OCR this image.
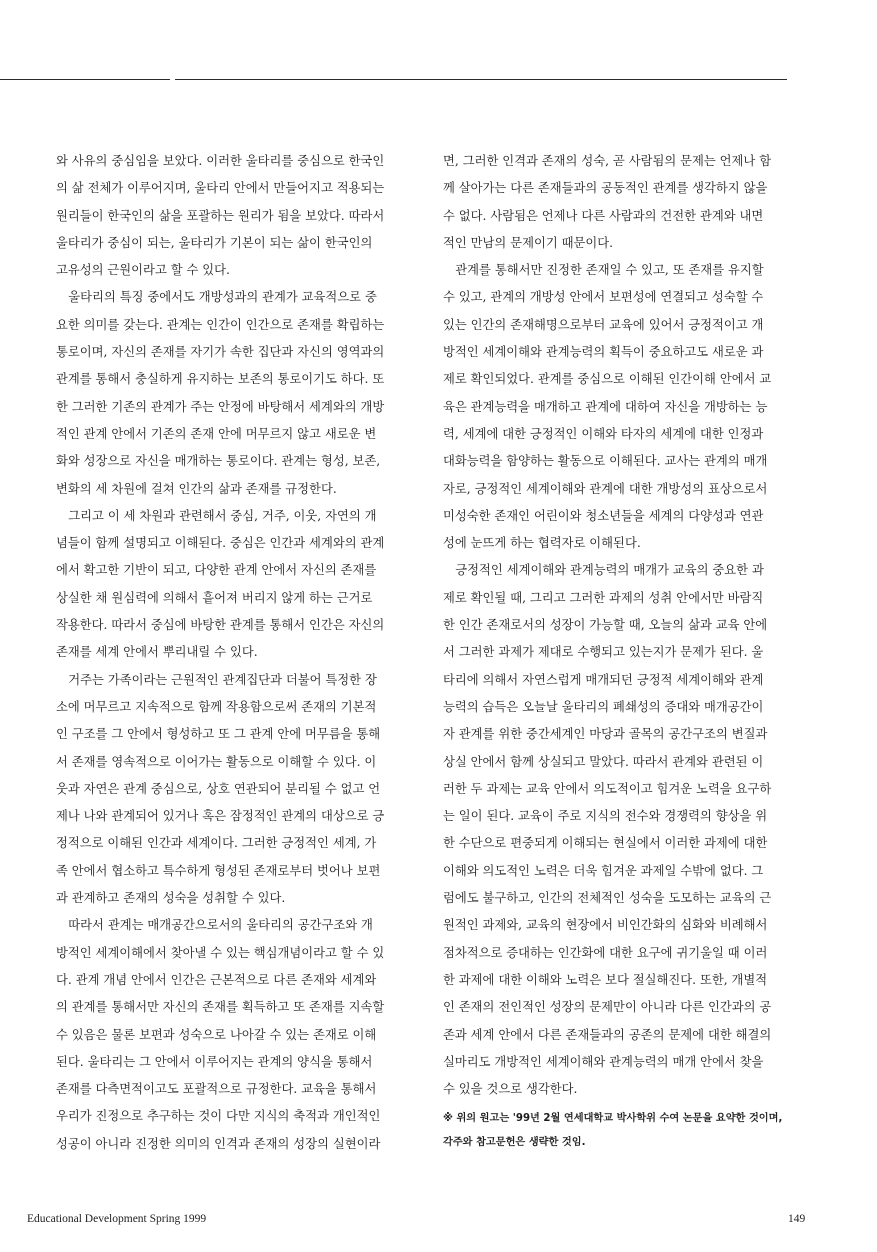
와 사유의 중심임을 보았다. 이러한 울타리를 중심으로 한국인
의 삶 전체가 이루어지며, 울타리 안에서 만들어지고 적용되는
원리들이 한국인의 삶을 포괄하는 원리가 됨을 보았다. 따라서
울타리가 중심이 되는, 울타리가 기본이 되는 삶이 한국인의
고유성의 근원이라고 할 수 있다.

울타리의 특징 중에서도 개방성과의 관계가 교육적으로 중
요한 의미를 갖는다. 관계는 인간이 인간으로 존재를 확립하는
통로이며, 자신의 존재를 자기가 속한 집단과 자신의 영역과의
관계를 통해서 충실하게 유지하는 보존의 통로이기도 하다. 또
한 그러한 기존의 관계가 주는 안정에 바탕해서 세계와의 개방
적인 관계 안에서 기존의 존재 안에 머무르지 않고 새로운 변
화와 성장으로 자신을 매개하는 통로이다. 관계는 형성, 보존,
변화의 세 차원에 걸쳐 인간의 삶과 존재를 규정한다.

그리고 이 세 차원과 관련해서 중심, 거주, 이웃, 자연의 개
념들이 함께 설명되고 이해된다. 중심은 인간과 세계와의 관계
에서 확고한 기반이 되고, 다양한 관계 안에서 자신의 존재를
상실한 채 원심력에 의해서 흩어져 버리지 않게 하는 근거로
작용한다. 따라서 중심에 바탕한 관계를 통해서 인간은 자신의
존재를 세계 안에서 뿌리내릴 수 있다.

거주는 가족이라는 근원적인 관계집단과 더불어 특정한 장
소에 머무르고 지속적으로 함께 작용함으로써 존재의 기본적
인 구조를 그 안에서 형성하고 또 그 관계 안에 머무름을 통해
서 존재를 영속적으로 이어가는 활동으로 이해할 수 있다. 이
웃과 자연은 관계 중심으로, 상호 연관되어 분리될 수 없고 언
제나 나와 관계되어 있거나 혹은 잠정적인 관계의 대상으로 긍
정적으로 이해된 인간과 세계이다. 그러한 긍정적인 세계, 가
족 안에서 협소하고 특수하게 형성된 존재로부터 벗어나 보편
과 관계하고 존재의 성숙을 성취할 수 있다.

따라서 관계는 매개공간으로서의 울타리의 공간구조와 개
방적인 세계이해에서 찾아낼 수 있는 핵심개념이라고 할 수 있
다. 관계 개념 안에서 인간은 근본적으로 다른 존재와 세계와
의 관계를 통해서만 자신의 존재를 획득하고 또 존재를 지속할
수 있음은 물론 보편과 성숙으로 나아갈 수 있는 존재로 이해
된다. 울타리는 그 안에서 이루어지는 관계의 양식을 통해서
존재를 다측면적이고도 포괄적으로 규정한다. 교육을 통해서
우리가 진정으로 추구하는 것이 다만 지식의 축적과 개인적인
성공이 아니라 진정한 의미의 인격과 존재의 성장의 실현이라

면, 그러한 인격과 존재의 성숙, 곧 사람됨의 문제는 언제나 함
께 살아가는 다른 존재들과의 공동적인 관계를 생각하지 않을
수 없다. 사람됨은 언제나 다른 사람과의 건전한 관계와 내면
적인 만남의 문제이기 때문이다.

관계를 통해서만 진정한 존재일 수 있고, 또 존재를 유지할
수 있고, 관계의 개방성 안에서 보편성에 연결되고 성숙할 수
있는 인간의 존재해명으로부터 교육에 있어서 긍정적이고 개
방적인 세계이해와 관계능력의 획득이 중요하고도 새로운 과
제로 확인되었다. 관계를 중심으로 이해된 인간이해 안에서 교
육은 관계능력을 매개하고 관계에 대하여 자신을 개방하는 능
력, 세계에 대한 긍정적인 이해와 타자의 세계에 대한 인정과
대화능력을 함양하는 활동으로 이해된다. 교사는 관계의 매개
자로, 긍정적인 세계이해와 관계에 대한 개방성의 표상으로서
미성숙한 존재인 어린이와 청소년들을 세계의 다양성과 연관
성에 눈뜨게 하는 협력자로 이해된다.

긍정적인 세계이해와 관계능력의 매개가 교육의 중요한 과
제로 확인될 때, 그리고 그러한 과제의 성취 안에서만 바람직
한 인간 존재로서의 성장이 가능할 때, 오늘의 삶과 교육 안에
서 그러한 과제가 제대로 수행되고 있는지가 문제가 된다. 울
타리에 의해서 자연스럽게 매개되던 긍정적 세계이해와 관계
능력의 습득은 오늘날 울타리의 폐쇄성의 증대와 매개공간이
자 관계를 위한 중간세계인 마당과 골목의 공간구조의 변질과
상실 안에서 함께 상실되고 말았다. 따라서 관계와 관련된 이
러한 두 과제는 교육 안에서 의도적이고 힘겨운 노력을 요구하
는 일이 된다. 교육이 주로 지식의 전수와 경쟁력의 향상을 위
한 수단으로 편중되게 이해되는 현실에서 이러한 과제에 대한
이해와 의도적인 노력은 더욱 힘겨운 과제일 수밖에 없다. 그
럼에도 불구하고, 인간의 전체적인 성숙을 도모하는 교육의 근
원적인 과제와, 교육의 현장에서 비인간화의 심화와 비례해서
점차적으로 증대하는 인간화에 대한 요구에 귀기울일 때 이러
한 과제에 대한 이해와 노력은 보다 절실해진다. 또한, 개별적
인 존재의 전인적인 성장의 문제만이 아니라 다른 인간과의 공
존과 세계 안에서 다른 존재들과의 공존의 문제에 대한 해결의
실마리도 개방적인 세계이해와 관계능력의 매개 안에서 찾을
수 있을 것으로 생각한다.

※ 위의 원고는 '99년 2월 연세대학교 박사학위 수여 논문을 요약한 것이며,
각주와 참고문헌은 생략한 것임.
Educational Development Spring 1999	149
